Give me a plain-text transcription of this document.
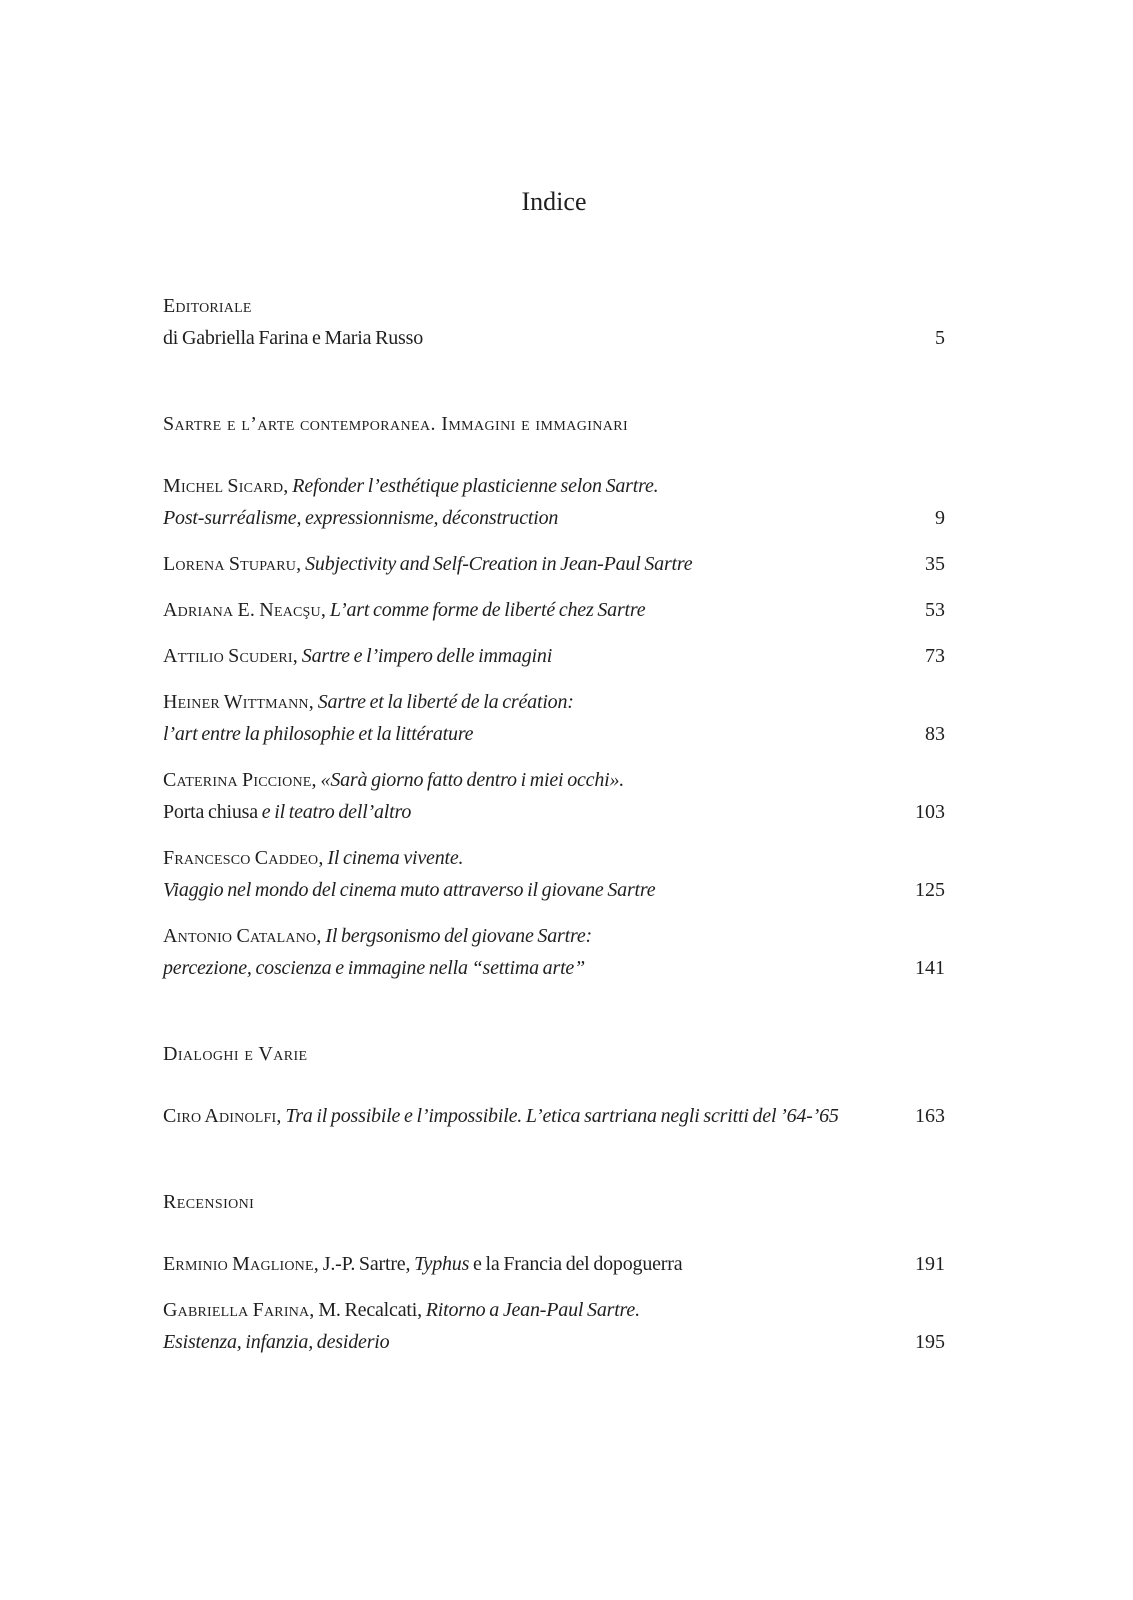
Indice

Editoriale
di Gabriella Farina e Maria Russo	5

Sartre e l’arte contemporanea. Immagini e immaginari

Michel Sicard, Refonder l’esthétique plasticienne selon Sartre.
Post-surréalisme, expressionnisme, déconstruction	9

Lorena Stuparu, Subjectivity and Self-Creation in Jean-Paul Sartre	35

Adriana E. Neacşu, L’art comme forme de liberté chez Sartre	53

Attilio Scuderi, Sartre e l’impero delle immagini	73

Heiner Wittmann, Sartre et la liberté de la création:
l’art entre la philosophie et la littérature	83

Caterina Piccione, «Sarà giorno fatto dentro i miei occhi».
Porta chiusa e il teatro dell’altro	103

Francesco Caddeo, Il cinema vivente.
Viaggio nel mondo del cinema muto attraverso il giovane Sartre	125

Antonio Catalano, Il bergsonismo del giovane Sartre:
percezione, coscienza e immagine nella “settima arte”	141

Dialoghi e Varie

Ciro Adinolfi, Tra il possibile e l’impossibile. L’etica sartriana negli scritti del ’64-’65	163

Recensioni

Erminio Maglione, J.-P. Sartre, Typhus e la Francia del dopoguerra	191

Gabriella Farina, M. Recalcati, Ritorno a Jean-Paul Sartre.
Esistenza, infanzia, desiderio	195
